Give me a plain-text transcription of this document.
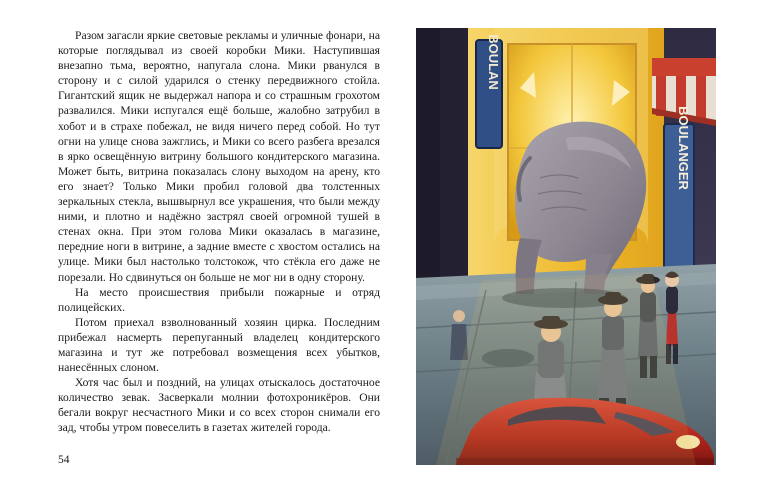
Разом загасли яркие световые рекламы и уличные фонари, на которые поглядывал из своей коробки Мики. Наступившая внезапно тьма, вероятно, напугала слона. Мики рванулся в сторону и с силой ударился о стенку передвижного стойла. Гигантский ящик не выдержал напора и со страшным грохотом развалился. Мики испугался ещё больше, жалобно затрубил в хобот и в страхе побежал, не видя ничего перед собой. Но тут огни на улице снова зажглись, и Мики со всего разбега врезался в ярко освещённую витрину большого кондитерского магазина. Может быть, витрина показалась слону выходом на арену, кто его знает? Только Мики пробил головой два толстенных зеркальных стекла, вышвырнул все украшения, что были между ними, и плотно и надёжно застрял своей огромной тушей в стенах окна. При этом голова Мики оказалась в магазине, передние ноги в витрине, а задние вместе с хвостом остались на улице. Мики был настолько толстокож, что стёкла его даже не порезали. Но сдвинуться он больше не мог ни в одну сторону.

На место происшествия прибыли пожарные и отряд полицейских.

Потом приехал взволнованный хозяин цирка. Последним прибежал насмерть перепуганный владелец кондитерского магазина и тут же потребовал возмещения всех убытков, нанесённых слоном.

Хотя час был и поздний, на улицах отыскалось достаточное количество зевак. Засверкали молнии фотохроникёров. Они бегали вокруг несчастного Мики и со всех сторон снимали его зад, чтобы утром повеселить в газетах жителей города.

54
BOULAN
BOULANGER
